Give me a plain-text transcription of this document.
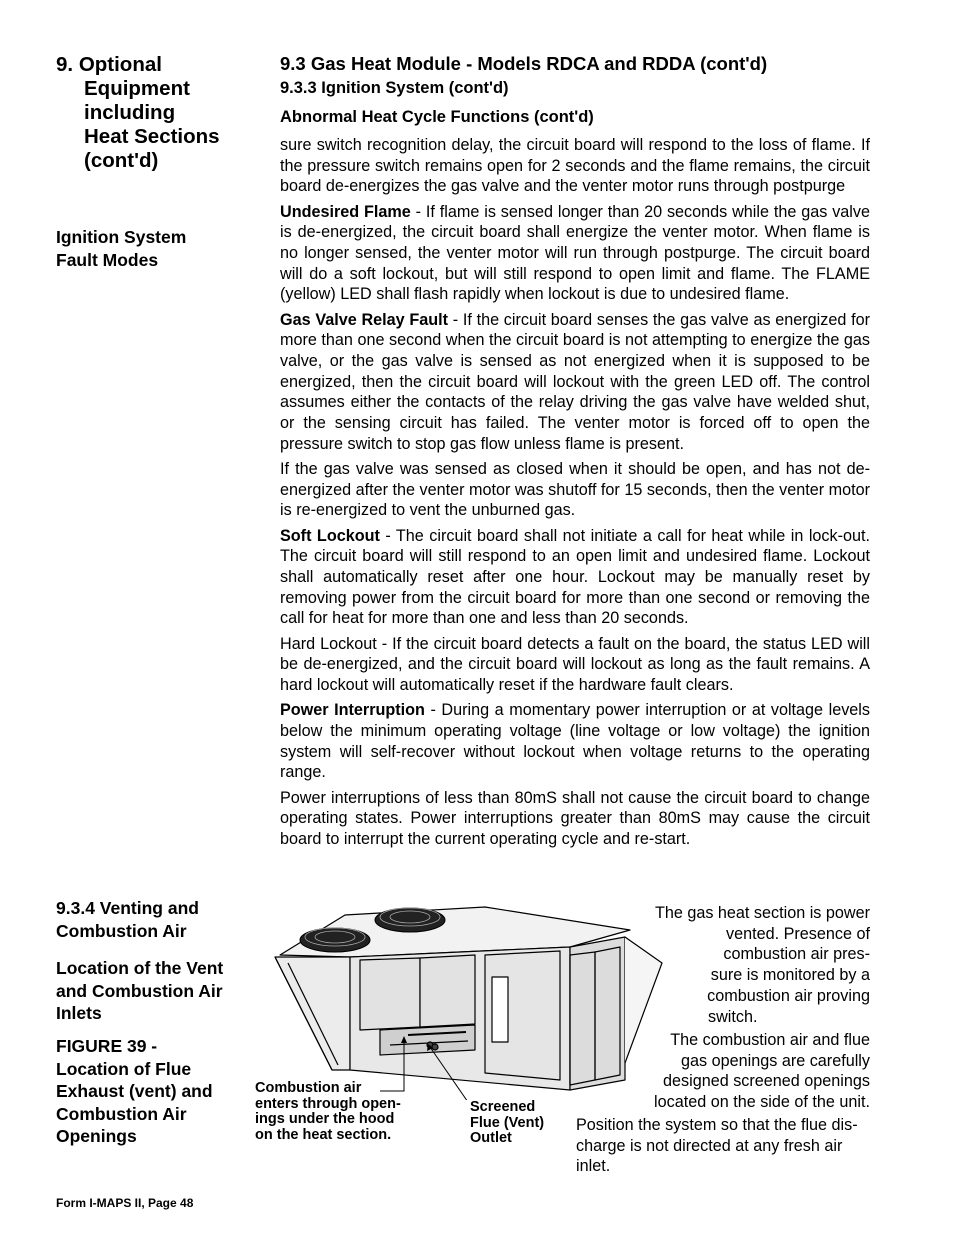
9. Optional
Equipment
including
Heat Sections
(cont'd)
Ignition System
Fault Modes
9.3.4 Venting and
Combustion Air
Location of the Vent
and Combustion Air
Inlets
FIGURE 39 -
Location of Flue
Exhaust (vent) and
Combustion Air
Openings
9.3 Gas Heat Module - Models RDCA and RDDA (cont'd)
9.3.3 Ignition System (cont'd)
Abnormal Heat Cycle Functions (cont'd)

sure switch recognition delay, the circuit board will respond to the loss of flame. If the pressure switch remains open for 2 seconds and the flame remains, the circuit board de-energizes the gas valve and the venter motor runs through postpurge

Undesired Flame - If flame is sensed longer than 20 seconds while the gas valve is de-energized, the circuit board shall energize the venter motor. When flame is no longer sensed, the venter motor will run through postpurge. The circuit board will do a soft lockout, but will still respond to open limit and flame. The FLAME (yellow) LED shall flash rapidly when lockout is due to undesired flame.

Gas Valve Relay Fault - If the circuit board senses the gas valve as energized for more than one second when the circuit board is not attempting to energize the gas valve, or the gas valve is sensed as not energized when it is supposed to be energized, then the circuit board will lockout with the green LED off. The control assumes either the contacts of the relay driving the gas valve have welded shut, or the sensing circuit has failed. The venter motor is forced off to open the pressure switch to stop gas flow unless flame is present.

If the gas valve was sensed as closed when it should be open, and has not de-energized after the venter motor was shutoff for 15 seconds, then the venter motor is re-energized to vent the unburned gas.

Soft Lockout - The circuit board shall not initiate a call for heat while in lock-out. The circuit board will still respond to an open limit and undesired flame. Lockout shall automatically reset after one hour. Lockout may be manually reset by removing power from the circuit board for more than one second or removing the call for heat for more than one and less than 20 seconds.

Hard Lockout - If the circuit board detects a fault on the board, the status LED will be de-energized, and the circuit board will lockout as long as the fault remains. A hard lockout will automatically reset if the hardware fault clears.

Power Interruption - During a momentary power interruption or at voltage levels below the minimum operating voltage (line voltage or low voltage) the ignition system will self-recover without lockout when voltage returns to the operating range.

Power interruptions of less than 80mS shall not cause the circuit board to change operating states. Power interruptions greater than 80mS may cause the circuit board to interrupt the current operating cycle and re-start.

Combustion air
enters through open-
ings under the hood
on the heat section.
Screened
Flue (Vent)
Outlet
The gas heat section is power
vented. Presence of
combustion air pres-
sure is monitored by a
combustion air proving
switch.
The combustion air and flue
gas openings are carefully
designed screened openings
located on the side of the unit.
Position the system so that the flue dis-
charge is not directed at any fresh air
inlet.
Form I-MAPS II, Page 48
